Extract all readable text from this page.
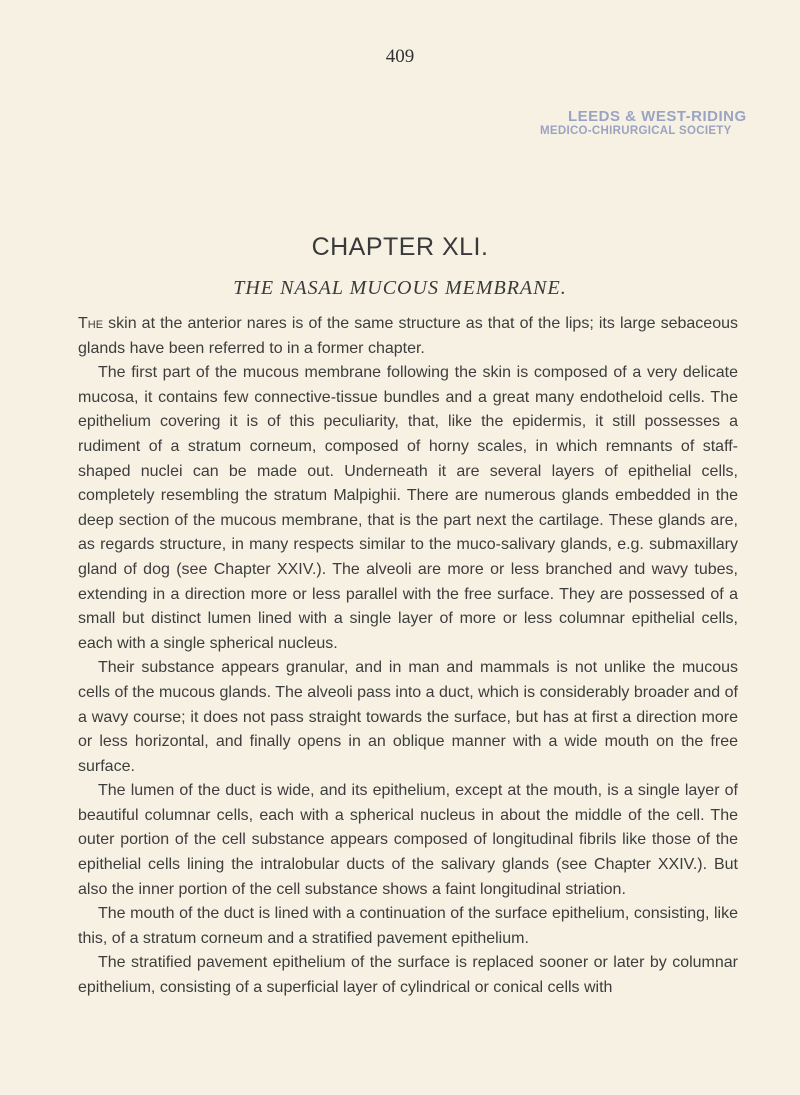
409
LEEDS & WEST-RIDING
MEDICO-CHIRURGICAL SOCIETY
CHAPTER XLI.
THE NASAL MUCOUS MEMBRANE.

The skin at the anterior nares is of the same structure as that of the lips; its large sebaceous glands have been referred to in a former chapter.

The first part of the mucous membrane following the skin is composed of a very delicate mucosa, it contains few connective-tissue bundles and a great many endotheloid cells. The epithelium covering it is of this peculiarity, that, like the epidermis, it still possesses a rudiment of a stratum corneum, composed of horny scales, in which remnants of staff-shaped nuclei can be made out. Underneath it are several layers of epithelial cells, completely resembling the stratum Malpighii. There are numerous glands embedded in the deep section of the mucous membrane, that is the part next the cartilage. These glands are, as regards structure, in many respects similar to the muco-salivary glands, e.g. submaxillary gland of dog (see Chapter XXIV.). The alveoli are more or less branched and wavy tubes, extending in a direction more or less parallel with the free surface. They are possessed of a small but distinct lumen lined with a single layer of more or less columnar epithelial cells, each with a single spherical nucleus.

Their substance appears granular, and in man and mammals is not unlike the mucous cells of the mucous glands. The alveoli pass into a duct, which is considerably broader and of a wavy course; it does not pass straight towards the surface, but has at first a direction more or less horizontal, and finally opens in an oblique manner with a wide mouth on the free surface.

The lumen of the duct is wide, and its epithelium, except at the mouth, is a single layer of beautiful columnar cells, each with a spherical nucleus in about the middle of the cell. The outer portion of the cell substance appears composed of longitudinal fibrils like those of the epithelial cells lining the intralobular ducts of the salivary glands (see Chapter XXIV.). But also the inner portion of the cell substance shows a faint longitudinal striation.

The mouth of the duct is lined with a continuation of the surface epithelium, consisting, like this, of a stratum corneum and a stratified pavement epithelium.

The stratified pavement epithelium of the surface is replaced sooner or later by columnar epithelium, consisting of a superficial layer of cylindrical or conical cells with
